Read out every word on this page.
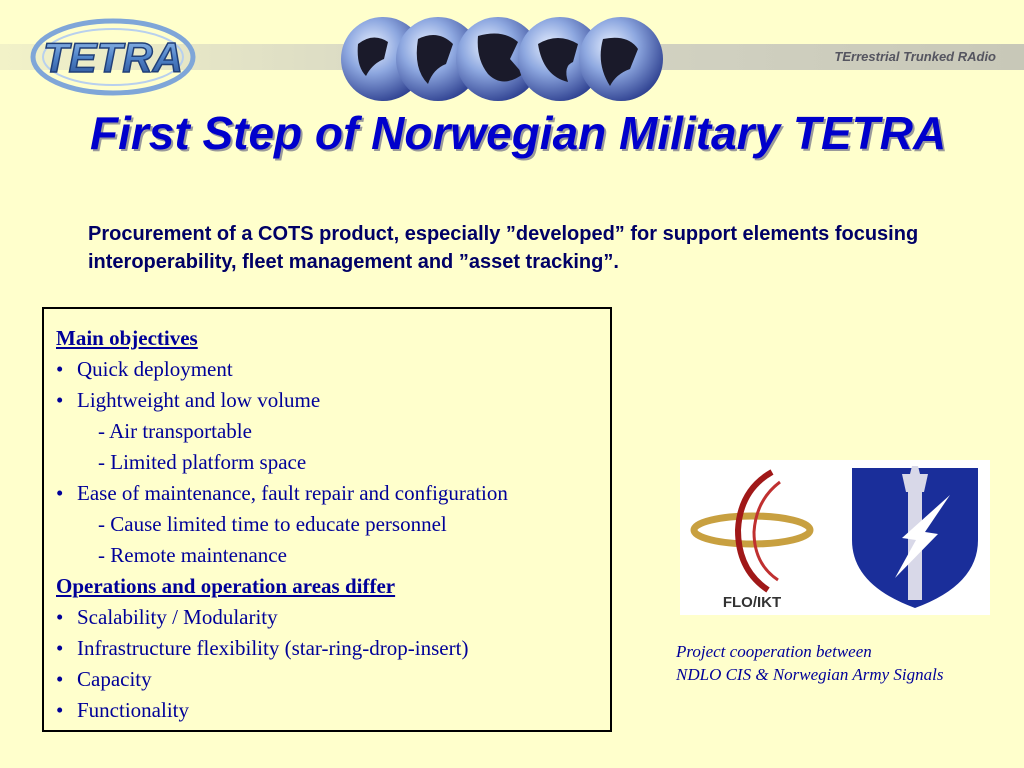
TETRA	TErrestrial Trunked RAdio
First Step of Norwegian Military TETRA

Procurement of a COTS product, especially ”developed” for support elements focusing interoperability, fleet management and ”asset tracking”.

Main objectives
• Quick deployment
• Lightweight and low volume
- Air transportable
- Limited platform space
• Ease of maintenance, fault repair and configuration
- Cause limited time to educate personnel
- Remote maintenance
Operations and operation areas differ
• Scalability / Modularity
• Infrastructure flexibility (star-ring-drop-insert)
• Capacity
• Functionality
FLO/IKT
Project cooperation between
NDLO CIS & Norwegian Army Signals
